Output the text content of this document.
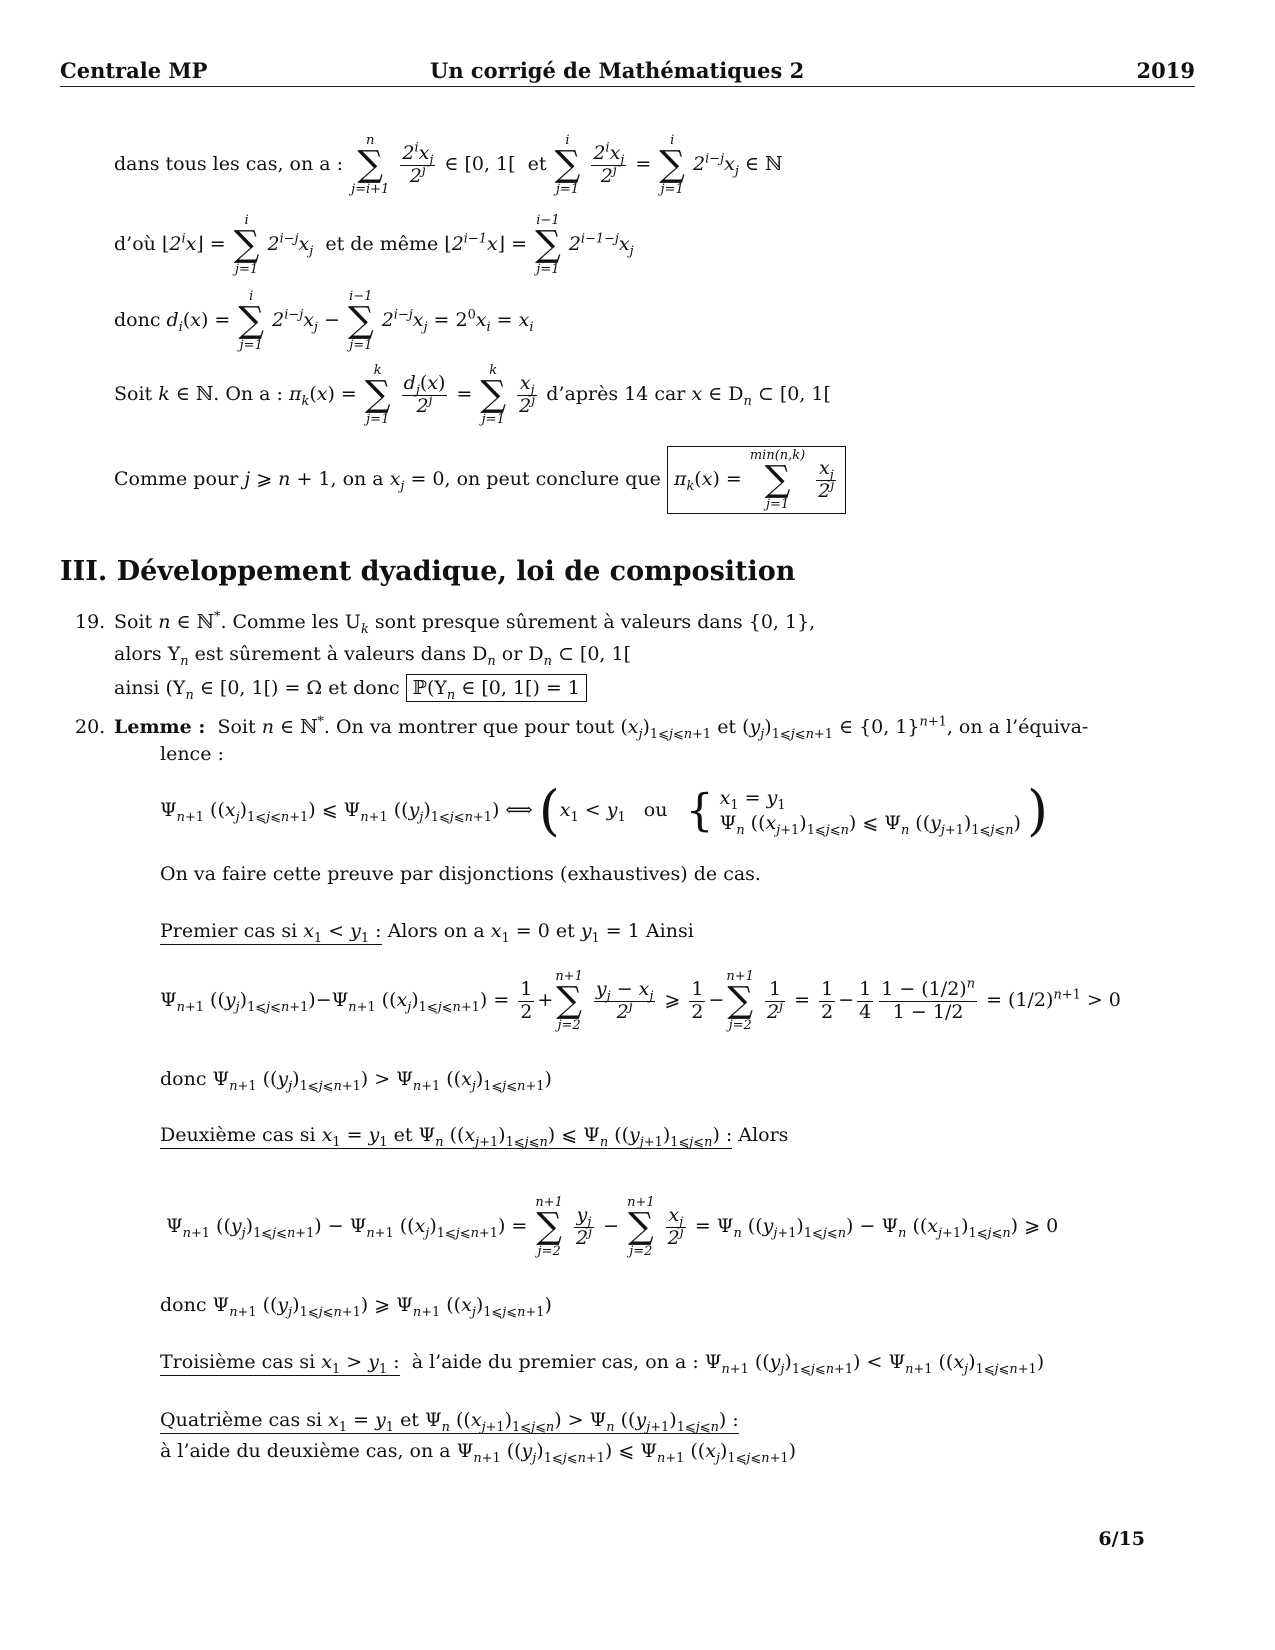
Centrale MP	Un corrigé de Mathématiques 2	2019
dans tous les cas, on a :
n
∑
j=i+1

$2^ix_j$
2$^j$ ∈ [0, 1[  et
i
∑
j=1

$2^ix_j$
$2^j$ =
i
∑
j=1
$2^{i-j}x_j$ ∈ ℕ
d’où $⌊2^ix⌋$ =
i
∑
j=1
$2^{i-j}x_j$ et de même $⌊2^{i-1}x⌋$ =
i−1
∑
j=1
$2^{i-1-j}x_j$
donc $d_i(x)$ =
i
∑
j=1
$2^{i-j}x_j$ −
i−1
∑
j=1
$2^{i-j}x_j = 2^0x_i = x_i$
Soit k ∈ ℕ. On a : $\pi_k(x)$ =
k
∑
j=1

$\frac{d_j(x)}{2^j}$ =
k
∑
j=1

$\frac{x_j}{2^j}$ d’après 14 car x ∈ $D_n$ ⊂ [0, 1[
Comme pour j ⩾ n + 1, on a $x_j = 0$, on peut conclure que $\pi_k(x)$ =
min(n,k)
∑
j=1

$\frac{x_j}{2^j}$
III. Développement dyadique, loi de composition
19. Soit n ∈ ℕ*. Comme les $U_k$ sont presque sûrement à valeurs dans {0, 1},
alors $Y_n$ est sûrement à valeurs dans $D_n$ or $D_n$ ⊂ [0, 1[
ainsi ($Y_n$ ∈ [0, 1[) = Ω et donc $ℙ(Y_n$ ∈ [0, 1[) = 1
20. Lemme : Soit n ∈ ℕ*. On va montrer que pour tout $(x_j)_{1⩽j⩽n+1}$ et $(y_j)_{1⩽j⩽n+1}$ ∈ {0, 1}$^{n+1}$, on a l’équiva-
lence :
$\Psi_{n+1}$ $((x_j)_{1⩽j⩽n+1})$ ⩽ $\Psi_{n+1}$ $((y_j)_{1⩽j⩽n+1})$ ⟺ ($x_1 < y_1$ ou { $x_1 = y_1$
$\Psi_n$ $((x_{j+1})_{1⩽j⩽n})$ ⩽ $\Psi_n$ $((y_{j+1})_{1⩽j⩽n})$ )
On va faire cette preuve par disjonctions (exhaustives) de cas.
Premier cas si $x_1 < y_1$ : Alors on a $x_1 = 0$ et $y_1 = 1$ Ainsi
$\Psi_{n+1}$ $((y_j)_{1⩽j⩽n+1})-\Psi_{n+1}$ $((x_j)_{1⩽j⩽n+1}) = \frac{1}{2}$ +
n+1
∑
j=2

$\frac{y_j - x_j}{2^j}$ ⩾ $\frac{1}{2}$ −
n+1
∑
j=2

$\frac{1}{2^j} = \frac{1}{2} - \frac{1}{4} \frac{1 - (1/2)^n}{1 - 1/2} = (1/2)^{n+1} > 0$
donc $\Psi_{n+1}$ $((y_j)_{1⩽j⩽n+1}) > \Psi_{n+1}$ $((x_j)_{1⩽j⩽n+1})$
Deuxième cas si $x_1 = y_1$ et $\Psi_n$ $((x_{j+1})_{1⩽j⩽n})$ ⩽ $\Psi_n$ $((y_{j+1})_{1⩽j⩽n})$ : Alors
$\Psi_{n+1}$ $((y_j)_{1⩽j⩽n+1}) - \Psi_{n+1}$ $((x_j)_{1⩽j⩽n+1})$ =
n+1
∑
j=2

$\frac{y_j}{2^j}$ −
n+1
∑
j=2

$\frac{x_j}{2^j} = \Psi_n$ $((y_{j+1})_{1⩽j⩽n}) - \Psi_n$ $((x_{j+1})_{1⩽j⩽n})$ ⩾ 0
donc $\Psi_{n+1}$ $((y_j)_{1⩽j⩽n+1})$ ⩾ $\Psi_{n+1}$ $((x_j)_{1⩽j⩽n+1})$
Troisième cas si $x_1 > y_1$ : à l’aide du premier cas, on a : $\Psi_{n+1}$ $((y_j)_{1⩽j⩽n+1}) < \Psi_{n+1}$ $((x_j)_{1⩽j⩽n+1})$
Quatrième cas si $x_1 = y_1$ et $\Psi_n$ $((x_{j+1})_{1⩽j⩽n}) > \Psi_n$ $((y_{j+1})_{1⩽j⩽n})$ :
à l’aide du deuxième cas, on a $\Psi_{n+1}$ $((y_j)_{1⩽j⩽n+1})$ ⩽ $\Psi_{n+1}$ $((x_j)_{1⩽j⩽n+1})$
6/15
